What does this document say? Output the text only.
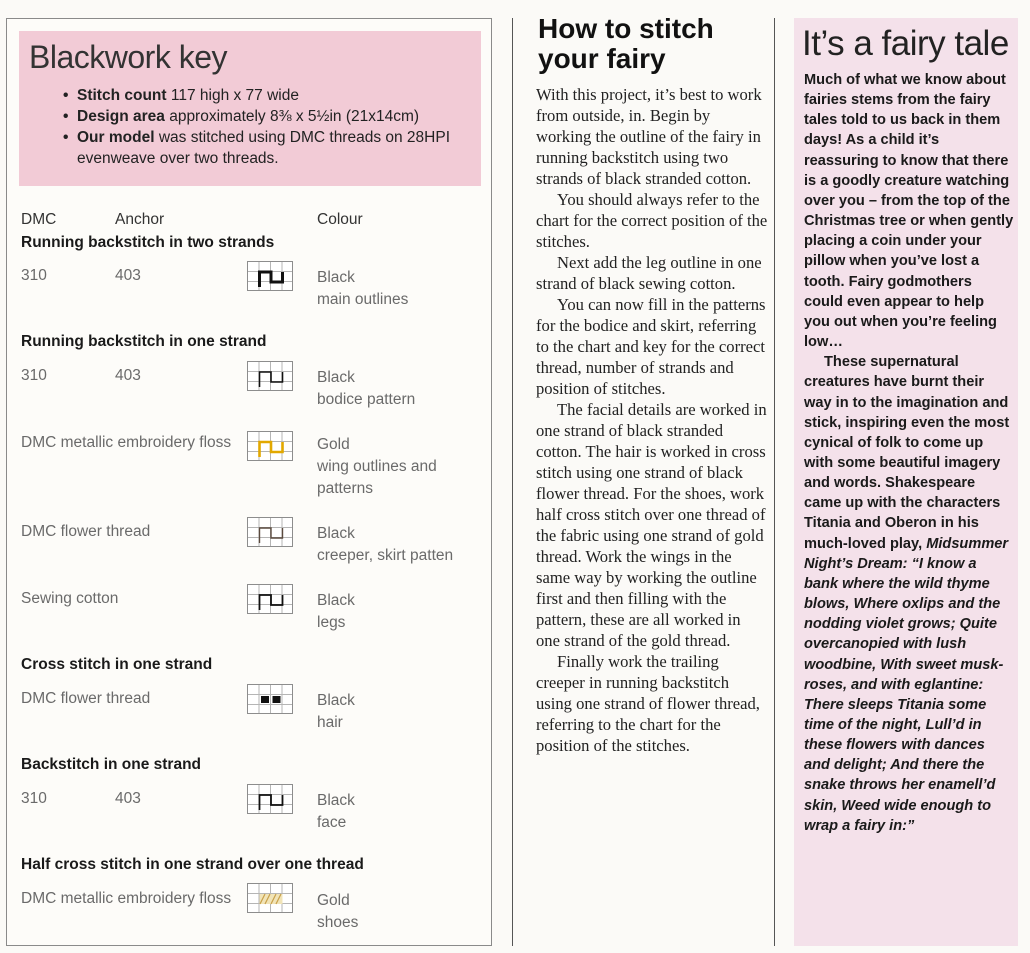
Blackwork key
• Stitch count 117 high x 77 wide
• Design area approximately 8⅜ x 5½in (21x14cm)
• Our model was stitched using DMC threads on 28HPI
evenweave over two threads.
DMC	Anchor	Colour
Running backstitch in two strands
310	403	Black
main outlines
Running backstitch in one strand
310	403	Black
bodice pattern
DMC metallic embroidery floss	Gold
wing outlines and patterns
DMC flower thread	Black
creeper, skirt patten
Sewing cotton	Black
legs
Cross stitch in one strand
DMC flower thread	Black
hair
Backstitch in one strand
310	403	Black
face
Half cross stitch in one strand over one thread
DMC metallic embroidery floss	Gold
shoes
How to stitch
your fairy

With this project, it’s best to work from outside, in. Begin by working the outline of the fairy in running backstitch using two strands of black stranded cotton.

You should always refer to the chart for the correct position of the stitches.

Next add the leg outline in one strand of black sewing cotton.

You can now fill in the patterns for the bodice and skirt, referring to the chart and key for the correct thread, number of strands and position of stitches.

The facial details are worked in one strand of black stranded cotton. The hair is worked in cross stitch using one strand of black flower thread. For the shoes, work half cross stitch over one thread of the fabric using one strand of gold thread. Work the wings in the same way by working the outline first and then filling with the pattern, these are all worked in one strand of the gold thread.

Finally work the trailing creeper in running backstitch using one strand of flower thread, referring to the chart for the position of the stitches.

It’s a fairy tale

Much of what we know about fairies stems from the fairy tales told to us back in them days! As a child it’s reassuring to know that there is a goodly creature watching over you – from the top of the Christmas tree or when gently placing a coin under your pillow when you’ve lost a tooth. Fairy godmothers could even appear to help you out when you’re feeling low…

These supernatural creatures have burnt their way in to the imagination and stick, inspiring even the most cynical of folk to come up with some beautiful imagery and words. Shakespeare came up with the characters Titania and Oberon in his much-loved play, Midsummer Night’s Dream: “I know a bank where the wild thyme blows, Where oxlips and the nodding violet grows; Quite overcanopied with lush woodbine, With sweet musk-roses, and with eglantine: There sleeps Titania some time of the night, Lull’d in these flowers with dances and delight; And there the snake throws her enamell’d skin, Weed wide enough to wrap a fairy in:”
